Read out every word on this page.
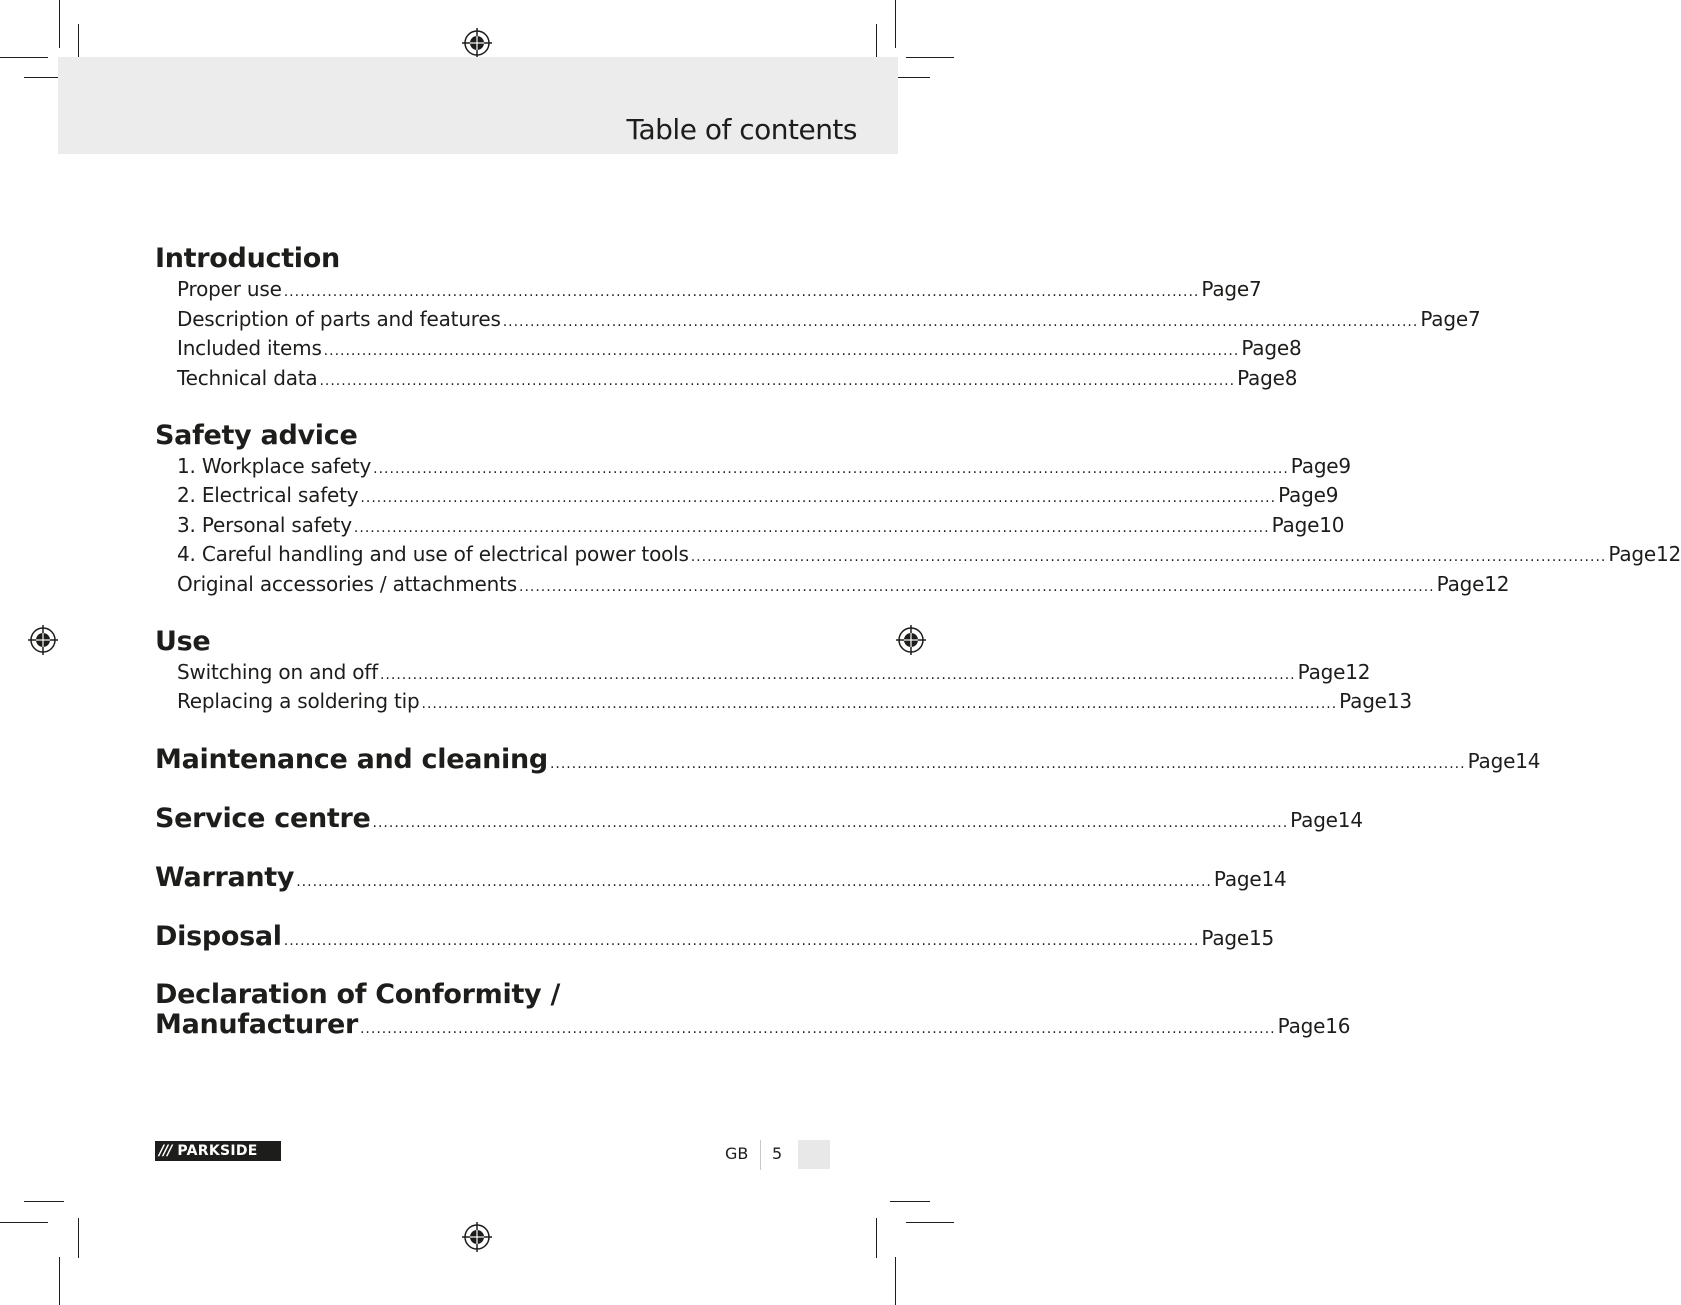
Table of contents
Introduction
Proper use ........................................................................................................................................................................ Page 7
Description of parts and features ........................................................................................................................................................................ Page 7
Included items ........................................................................................................................................................................ Page 8
Technical data ........................................................................................................................................................................ Page 8
Safety advice
1. Workplace safety ........................................................................................................................................................................ Page 9
2. Electrical safety ........................................................................................................................................................................ Page 9
3. Personal safety ........................................................................................................................................................................ Page 10
4. Careful handling and use of electrical power tools ........................................................................................................................................................................ Page 12
Original accessories / attachments ........................................................................................................................................................................ Page 12
Use
Switching on and off ........................................................................................................................................................................ Page 12
Replacing a soldering tip ........................................................................................................................................................................ Page 13
Maintenance and cleaning ........................................................................................................................................................................ Page 14
Service centre ........................................................................................................................................................................ Page 14
Warranty ........................................................................................................................................................................ Page 14
Disposal ........................................................................................................................................................................ Page 15
Declaration of Conformity /
Manufacturer ........................................................................................................................................................................ Page 16
/// PARKSIDE	GB 5
